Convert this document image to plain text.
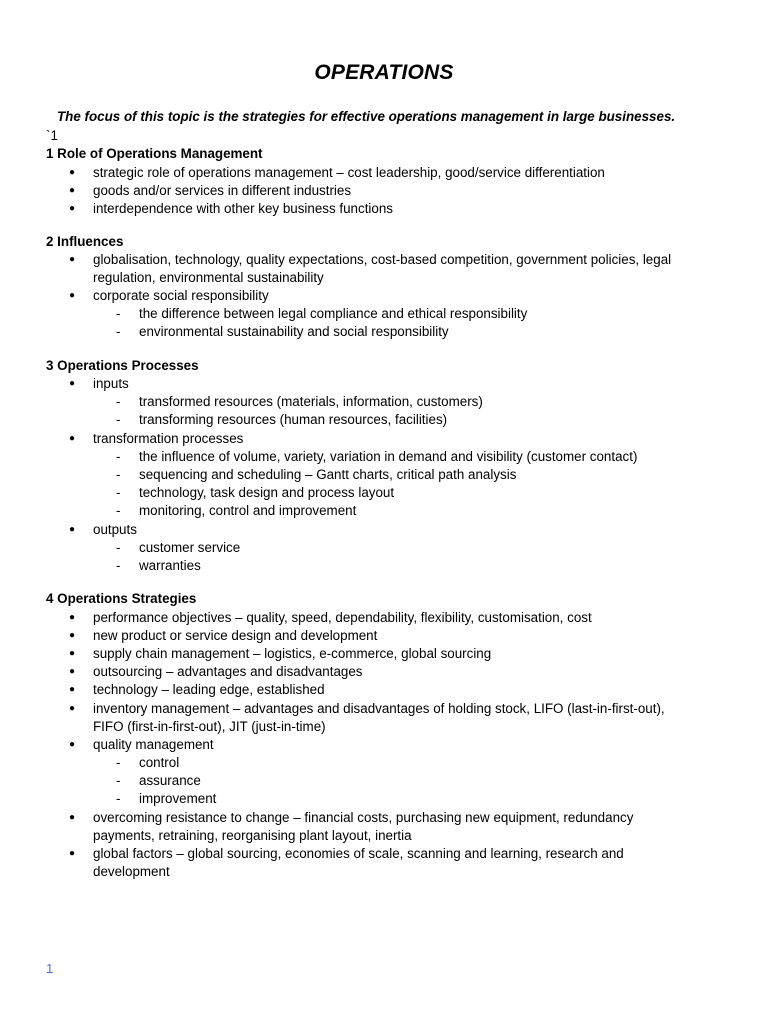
OPERATIONS
The focus of this topic is the strategies for effective operations management in large businesses.
`1
1 Role of Operations Management
● strategic role of operations management – cost leadership, good/service differentiation
● goods and/or services in different industries
● interdependence with other key business functions
2 Influences
● globalisation, technology, quality expectations, cost-based competition, government policies, legal
regulation, environmental sustainability
● corporate social responsibility
- the difference between legal compliance and ethical responsibility
- environmental sustainability and social responsibility
3 Operations Processes
● inputs
- transformed resources (materials, information, customers)
- transforming resources (human resources, facilities)
● transformation processes
- the influence of volume, variety, variation in demand and visibility (customer contact)
- sequencing and scheduling – Gantt charts, critical path analysis
- technology, task design and process layout
- monitoring, control and improvement
● outputs
- customer service
- warranties
4 Operations Strategies
● performance objectives – quality, speed, dependability, flexibility, customisation, cost
● new product or service design and development
● supply chain management – logistics, e-commerce, global sourcing
● outsourcing – advantages and disadvantages
● technology – leading edge, established
● inventory management – advantages and disadvantages of holding stock, LIFO (last-in-first-out),
FIFO (first-in-first-out), JIT (just-in-time)
● quality management
- control
- assurance
- improvement
● overcoming resistance to change – financial costs, purchasing new equipment, redundancy
payments, retraining, reorganising plant layout, inertia
● global factors – global sourcing, economies of scale, scanning and learning, research and
development
1
